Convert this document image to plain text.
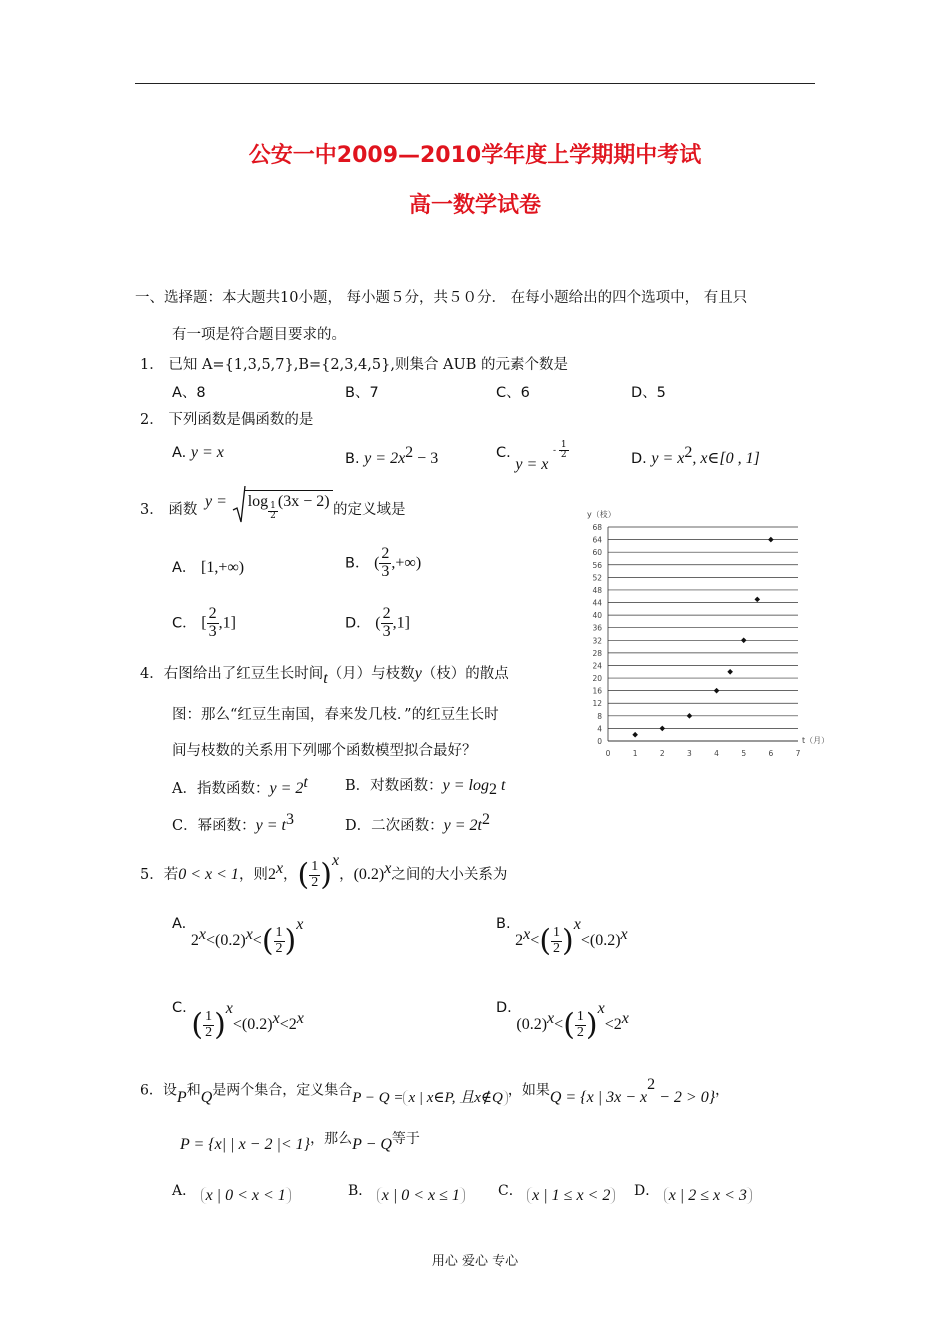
公安一中2009—2010学年度上学期期中考试
高一数学试卷
一、选择题：本大题共10小题， 每小题５分，共５０分． 在每小题给出的四个选项中， 有且只
有一项是符合题目要求的。
1． 已知 A={1,3,5,7},B={2,3,4,5},则集合 AUB 的元素个数是
A、8	B、7	C、6	D、5
2． 下列函数是偶函数的是
A. y = x	B. $y = 2x^2 - 3$	C. y = x $^{- \frac{1}{2}}$	D. $y = x^2$, x∈[0 , 1]
3． 函数 y = log
$\frac{1}{2}$
(3x − 2) 的定义域是
A． [1,+∞)	B． ( $\frac{2}{3}$ ,+∞)
C． [ $\frac{2}{3} ,1$]	D． ( $\frac{2}{3} ,1$]
0
4
8
12
16
20
24
28
32
36
40
44
48
52
56
60
64
68
0	1	2	3	4	5	6	7
y（枝）
t（月）
4．右图给出了红豆生长时间t（月）与枝数y（枝）的散点
图：那么“红豆生南国，春来发几枝．”的红豆生长时
间与枝数的关系用下列哪个函数模型拟合最好？
A．指数函数：$y = 2^t$	B．对数函数：$y = \log_2 t$
C．幂函数：$y = t^3$	D．二次函数：$y = 2t^2$
5．若0 < x < 1，则2$^x$，( $\frac{1}{2} )^x$，$(0.2)^x$之间的大小关系为
A. $2^x<(0.2)^x<( \frac{1}{2} )^x$	B. $2^x<( \frac{1}{2} )^x<(0.2)^x$
C. ( $\frac{1}{2} )^x<(0.2)^x<2^x$
D. $(0.2)^x<( \frac{1}{2} )^x<2^x$
6．设P和Q是两个集合，定义集合P − Q = x | x∈P, 且x∉Q ，如果Q = {x | $3x - x^2 - 2 > 0$}，
P = {x| | x − 2 |< 1}，那么P − Q等于
A． x | 0 < x < 1	B． x | 0 < x ≤ 1	C． x | 1 ≤ x < 2	D． x | 2 ≤ x < 3
用心 爱心 专心
